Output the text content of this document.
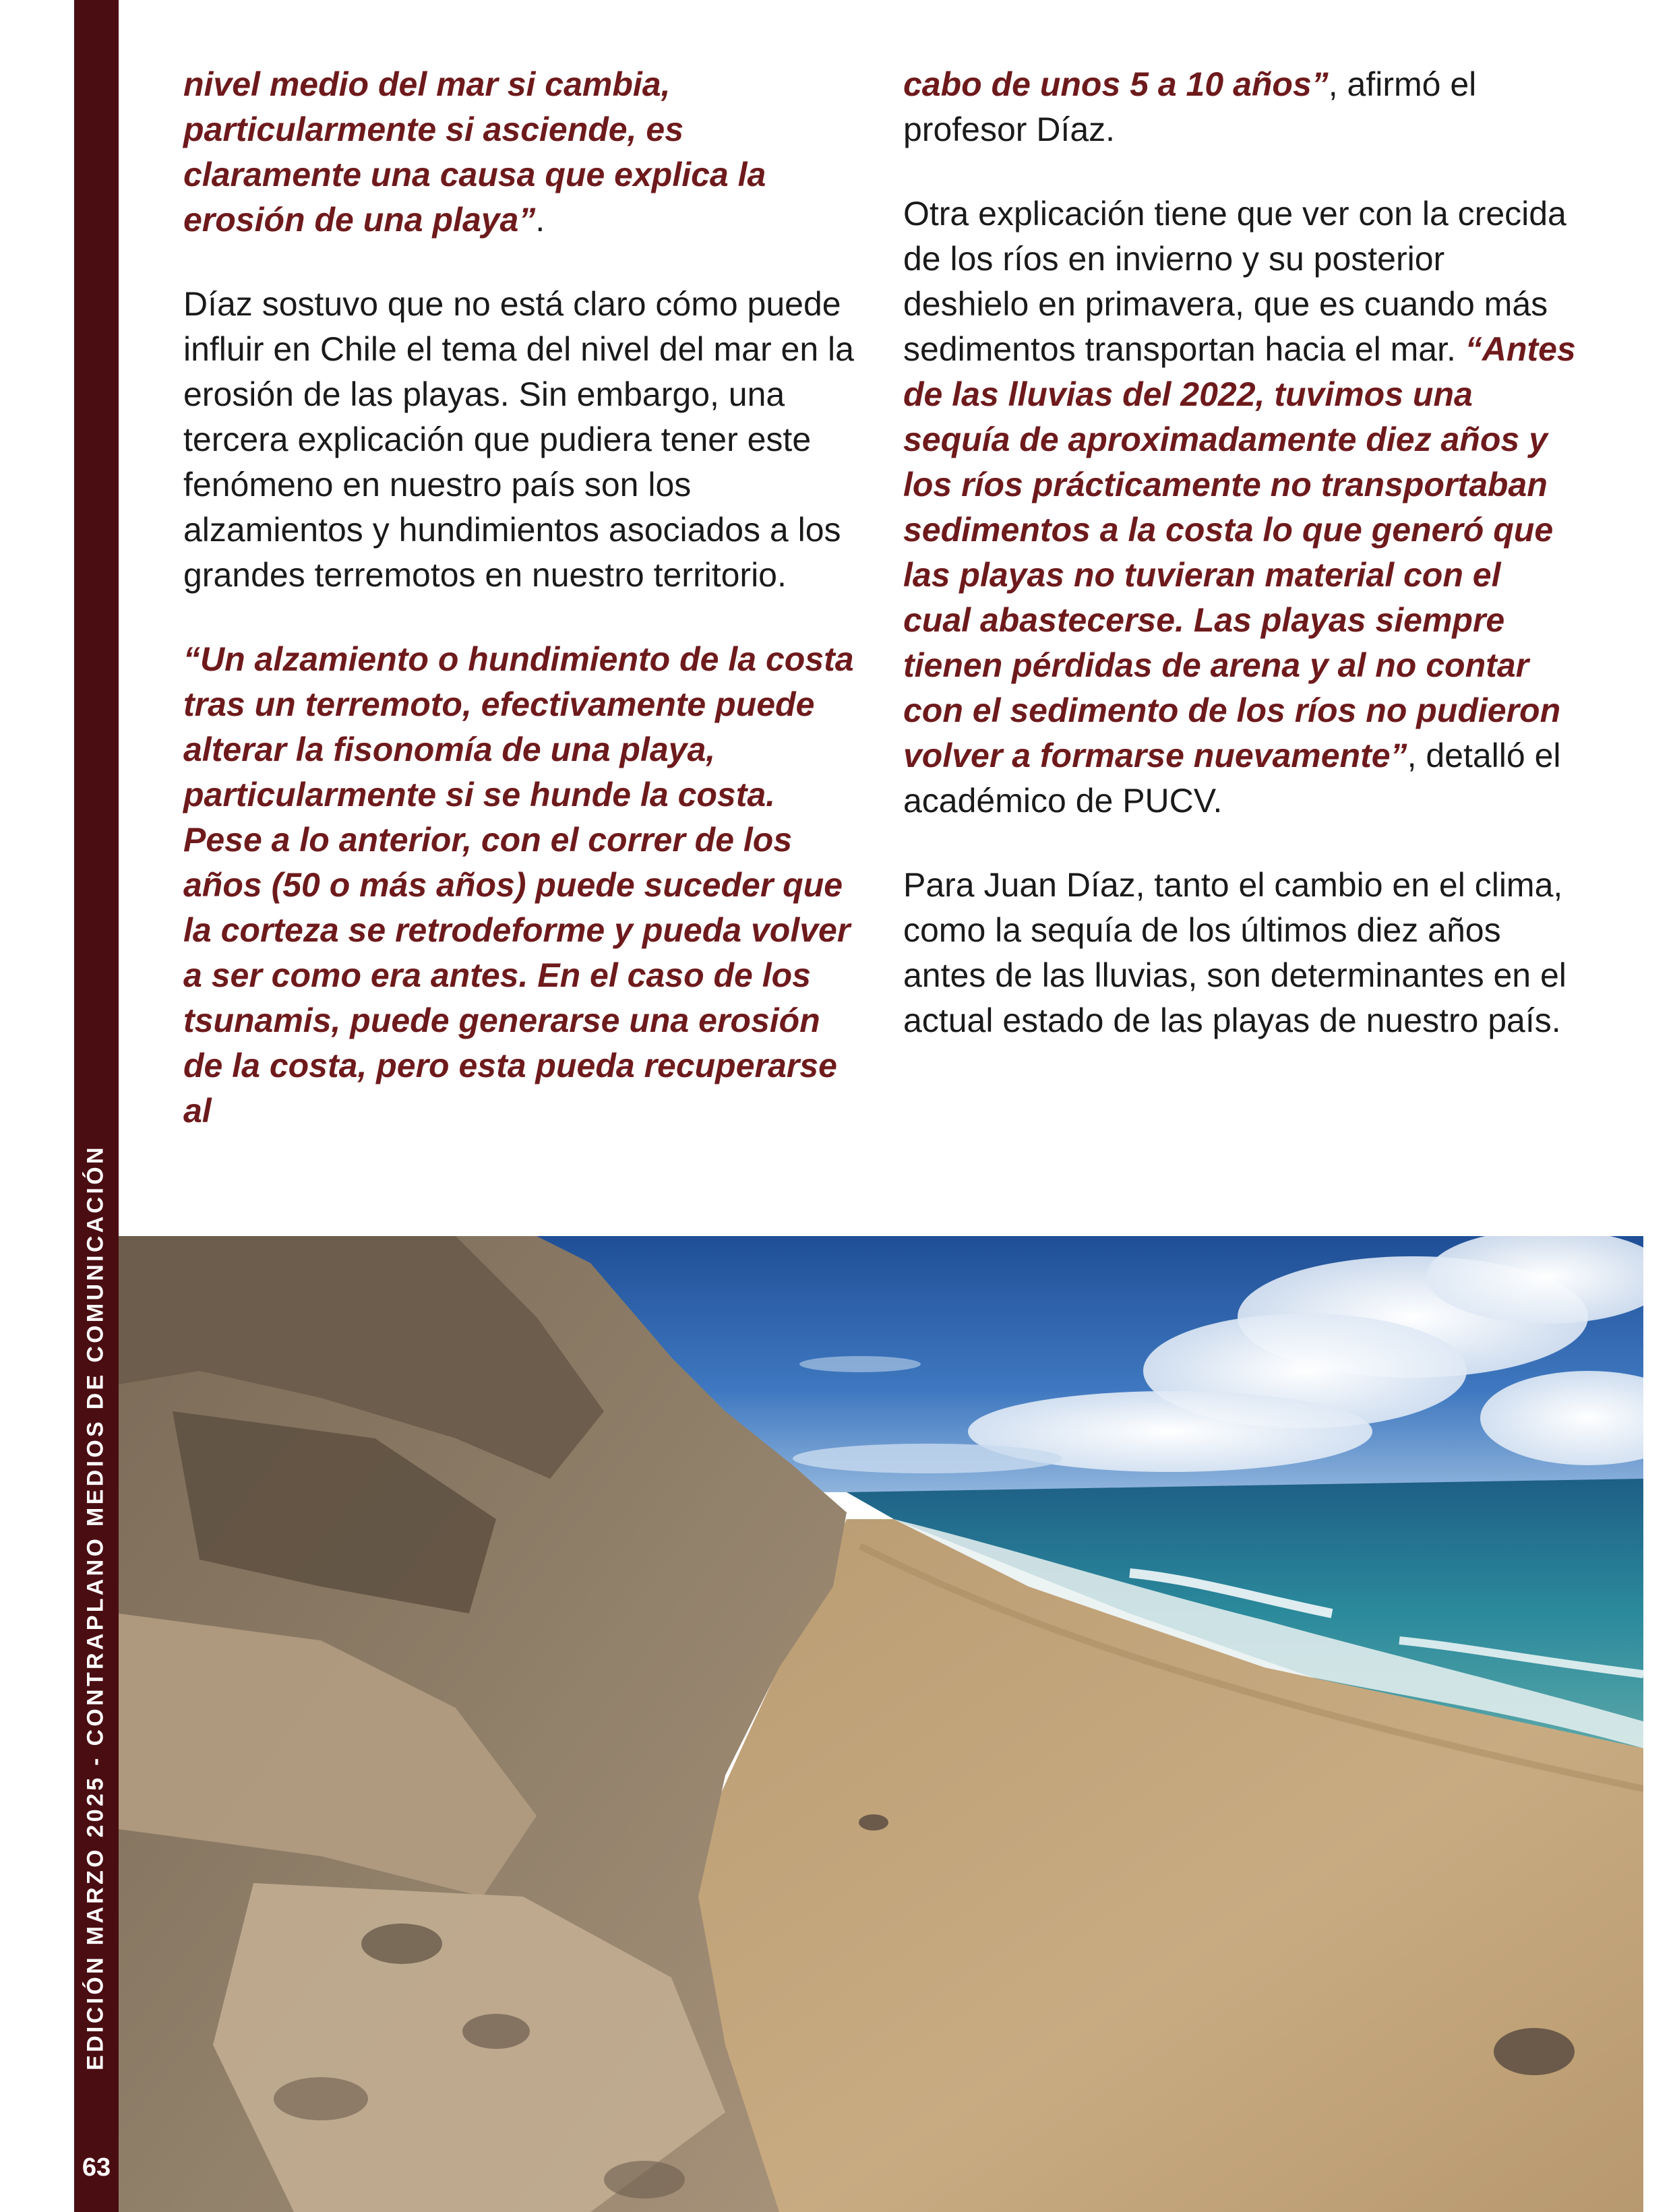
EDICIÓN MARZO 2025 - CONTRAPLANO MEDIOS DE COMUNICACIÓN
63

nivel medio del mar si cambia, particularmente si asciende, es claramente una causa que explica la erosión de una playa”.

Díaz sostuvo que no está claro cómo puede influir en Chile el tema del nivel del mar en la erosión de las playas. Sin embargo, una tercera explicación que pudiera tener este fenómeno en nuestro país son los alzamientos y hundimientos asociados a los grandes terremotos en nuestro territorio.

“Un alzamiento o hundimiento de la costa tras un terremoto, efectivamente puede alterar la fisonomía de una playa, particularmente si se hunde la costa. Pese a lo anterior, con el correr de los años (50 o más años) puede suceder que la corteza se retrodeforme y pueda volver a ser como era antes. En el caso de los tsunamis, puede generarse una erosión de la costa, pero esta pueda recuperarse al

cabo de unos 5 a 10 años”, afirmó el profesor Díaz.

Otra explicación tiene que ver con la crecida de los ríos en invierno y su posterior deshielo en primavera, que es cuando más sedimentos transportan hacia el mar. “Antes de las lluvias del 2022, tuvimos una sequía de aproximadamente diez años y los ríos prácticamente no transportaban sedimentos a la costa lo que generó que las playas no tuvieran material con el cual abastecerse. Las playas siempre tienen pérdidas de arena y al no contar con el sedimento de los ríos no pudieron volver a formarse nuevamente”, detalló el académico de PUCV.

Para Juan Díaz, tanto el cambio en el clima, como la sequía de los últimos diez años antes de las lluvias, son determinantes en el actual estado de las playas de nuestro país.
